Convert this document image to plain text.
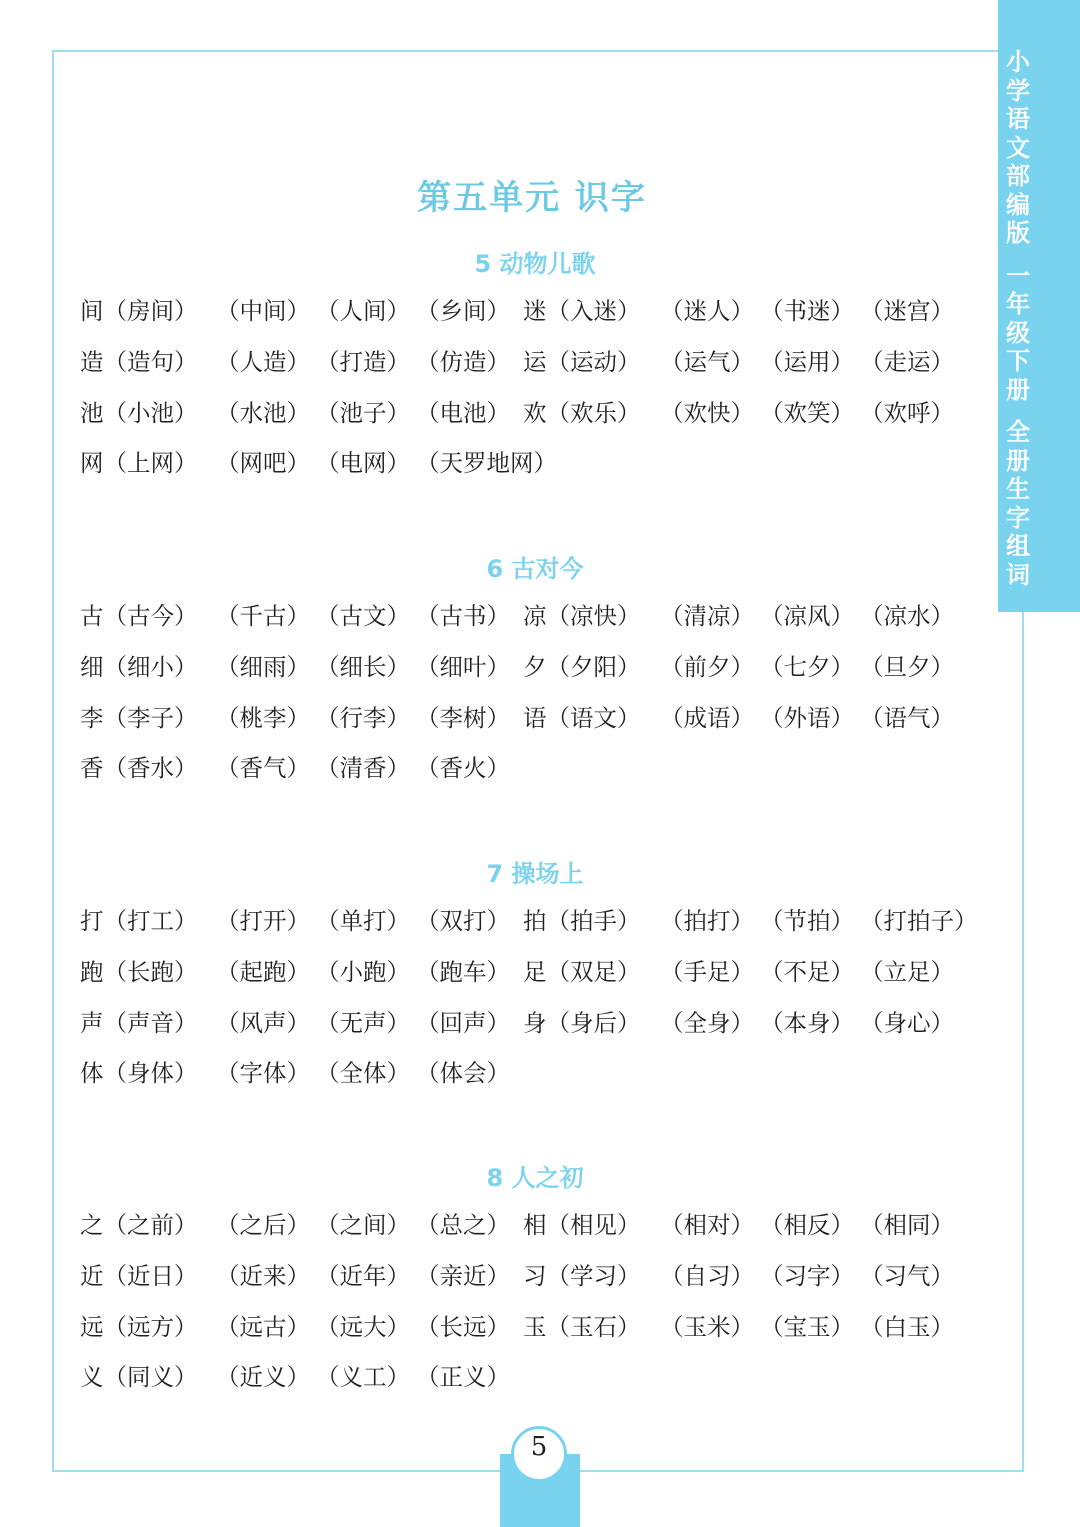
小学语文部编版
一年级下册
全册生字组词
第五单元 识字
5 动物儿歌
间（房间） （中间） （人间） （乡间） 迷（入迷） （迷人） （书迷） （迷宫）
造（造句） （人造） （打造） （仿造） 运（运动） （运气） （运用） （走运）
池（小池） （水池） （池子） （电池） 欢（欢乐） （欢快） （欢笑） （欢呼）
网（上网） （网吧） （电网） （天罗地网）
6 古对今
古（古今） （千古） （古文） （古书） 凉（凉快） （清凉） （凉风） （凉水）
细（细小） （细雨） （细长） （细叶） 夕（夕阳） （前夕） （七夕） （旦夕）
李（李子） （桃李） （行李） （李树） 语（语文） （成语） （外语） （语气）
香（香水） （香气） （清香） （香火）
7 操场上
打（打工） （打开） （单打） （双打） 拍（拍手） （拍打） （节拍） （打拍子）
跑（长跑） （起跑） （小跑） （跑车） 足（双足） （手足） （不足） （立足）
声（声音） （风声） （无声） （回声） 身（身后） （全身） （本身） （身心）
体（身体） （字体） （全体） （体会）
8 人之初
之（之前） （之后） （之间） （总之） 相（相见） （相对） （相反） （相同）
近（近日） （近来） （近年） （亲近） 习（学习） （自习） （习字） （习气）
远（远方） （远古） （远大） （长远） 玉（玉石） （玉米） （宝玉） （白玉）
义（同义） （近义） （义工） （正义）
5
